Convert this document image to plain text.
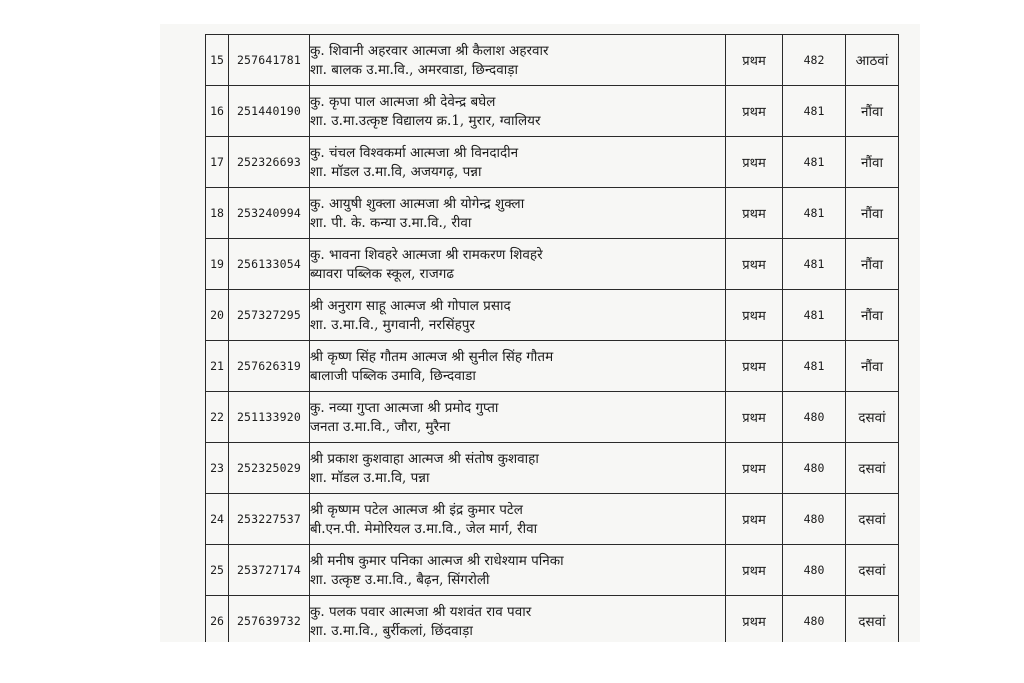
15	257641781	कु. शिवानी अहरवार आत्मजा श्री कैलाश अहरवार
शा. बालक उ.मा.वि., अमरवाडा, छिन्दवाड़ा	प्रथम	482	आठवां
16	251440190	कु. कृपा पाल आत्मजा श्री देवेन्द्र बघेल
शा. उ.मा.उत्कृष्ट विद्यालय क्र.1, मुरार, ग्वालियर	प्रथम	481	नौंवा
17	252326693	कु. चंचल विश्वकर्मा आत्मजा श्री विनदादीन
शा. मॉडल उ.मा.वि, अजयगढ़, पन्ना	प्रथम	481	नौंवा
18	253240994	कु. आयुषी शुक्ला आत्मजा श्री योगेन्द्र शुक्ला
शा. पी. के. कन्या उ.मा.वि., रीवा	प्रथम	481	नौंवा
19	256133054	कु. भावना शिवहरे आत्मजा श्री रामकरण शिवहरे
ब्यावरा पब्लिक स्कूल, राजगढ	प्रथम	481	नौंवा
20	257327295	श्री अनुराग साहू आत्मज श्री गोपाल प्रसाद
शा. उ.मा.वि., मुगवानी, नरसिंहपुर	प्रथम	481	नौंवा
21	257626319	श्री कृष्ण सिंह गौतम आत्मज श्री सुनील सिंह गौतम
बालाजी पब्लिक उमावि, छिन्दवाडा	प्रथम	481	नौंवा
22	251133920	कु. नव्या गुप्ता आत्मजा श्री प्रमोद गुप्ता
जनता उ.मा.वि., जौरा, मुरैना	प्रथम	480	दसवां
23	252325029	श्री प्रकाश कुशवाहा आत्मज श्री संतोष कुशवाहा
शा. मॉडल उ.मा.वि, पन्ना	प्रथम	480	दसवां
24	253227537	श्री कृष्णम पटेल आत्मज श्री इंद्र कुमार पटेल
बी.एन.पी. मेमोरियल उ.मा.वि., जेल मार्ग, रीवा	प्रथम	480	दसवां
25	253727174	श्री मनीष कुमार पनिका आत्मज श्री राधेश्याम पनिका
शा. उत्कृष्ट उ.मा.वि., बैढ़न, सिंगरोली	प्रथम	480	दसवां
26	257639732	कु. पलक पवार आत्मजा श्री यशवंत राव पवार
शा. उ.मा.वि., बुर्रीकलां, छिंदवाड़ा	प्रथम	480	दसवां
